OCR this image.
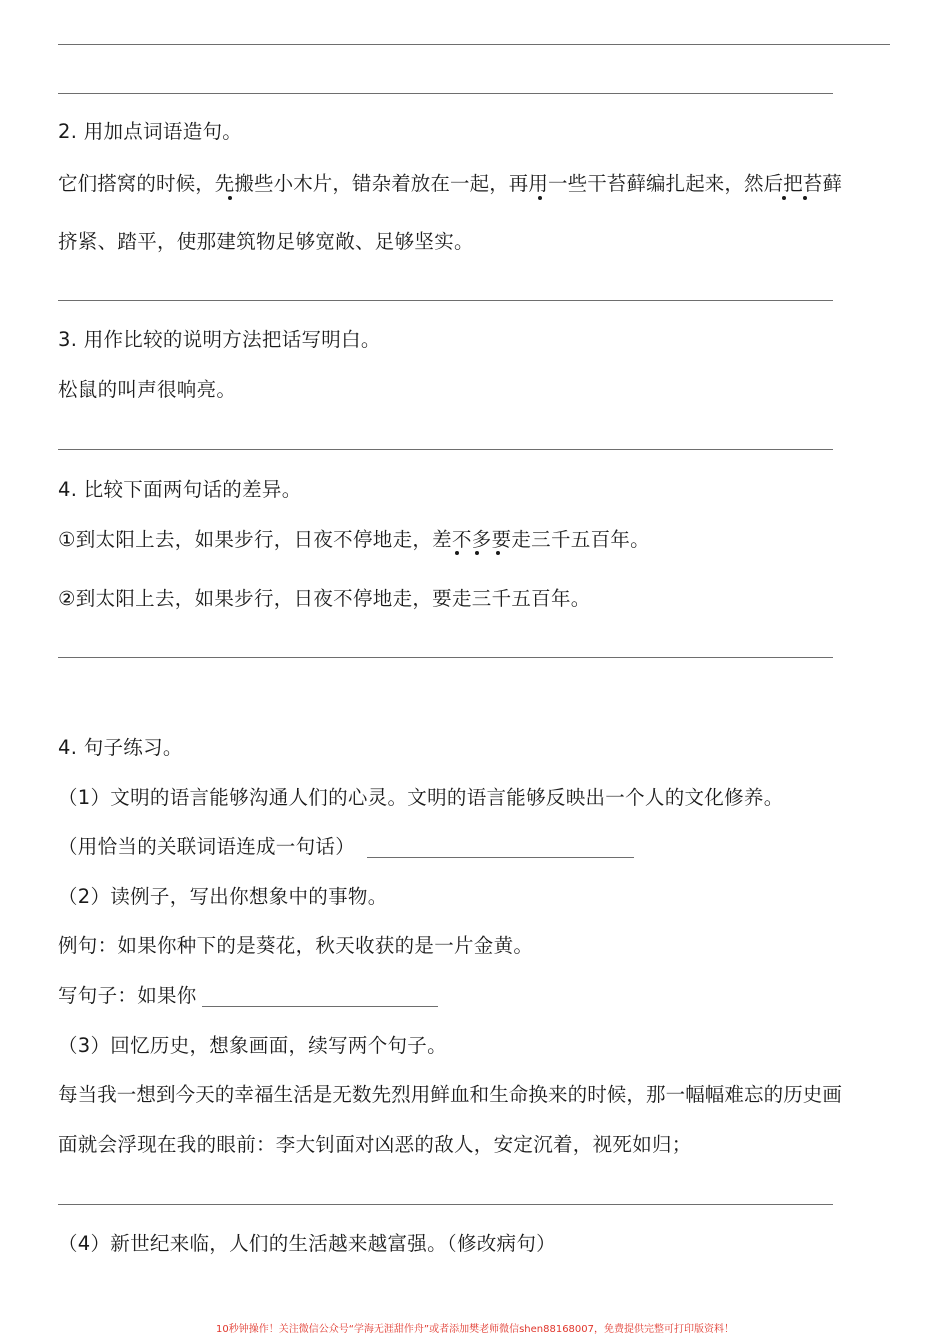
2. 用加点词语造句。
它们搭窝的时候，先搬些小木片，错杂着放在一起，再用一些干苔藓编扎起来，然后把苔藓
挤紧、踏平，使那建筑物足够宽敞、足够坚实。
3. 用作比较的说明方法把话写明白。
松鼠的叫声很响亮。
4. 比较下面两句话的差异。
①到太阳上去，如果步行，日夜不停地走，差不多要走三千五百年。
②到太阳上去，如果步行，日夜不停地走，要走三千五百年。
4. 句子练习。
（1）文明的语言能够沟通人们的心灵。文明的语言能够反映出一个人的文化修养。
（用恰当的关联词语连成一句话）
（2）读例子，写出你想象中的事物。
例句：如果你种下的是葵花，秋天收获的是一片金黄。
写句子：如果你
（3）回忆历史，想象画面，续写两个句子。
每当我一想到今天的幸福生活是无数先烈用鲜血和生命换来的时候，那一幅幅难忘的历史画
面就会浮现在我的眼前：李大钊面对凶恶的敌人，安定沉着，视死如归；
（4）新世纪来临，人们的生活越来越富强。（修改病句）
10秒钟操作！关注微信公众号“学海无涯甜作舟”或者添加樊老师微信shen88168007，免费提供完整可打印版资料！
